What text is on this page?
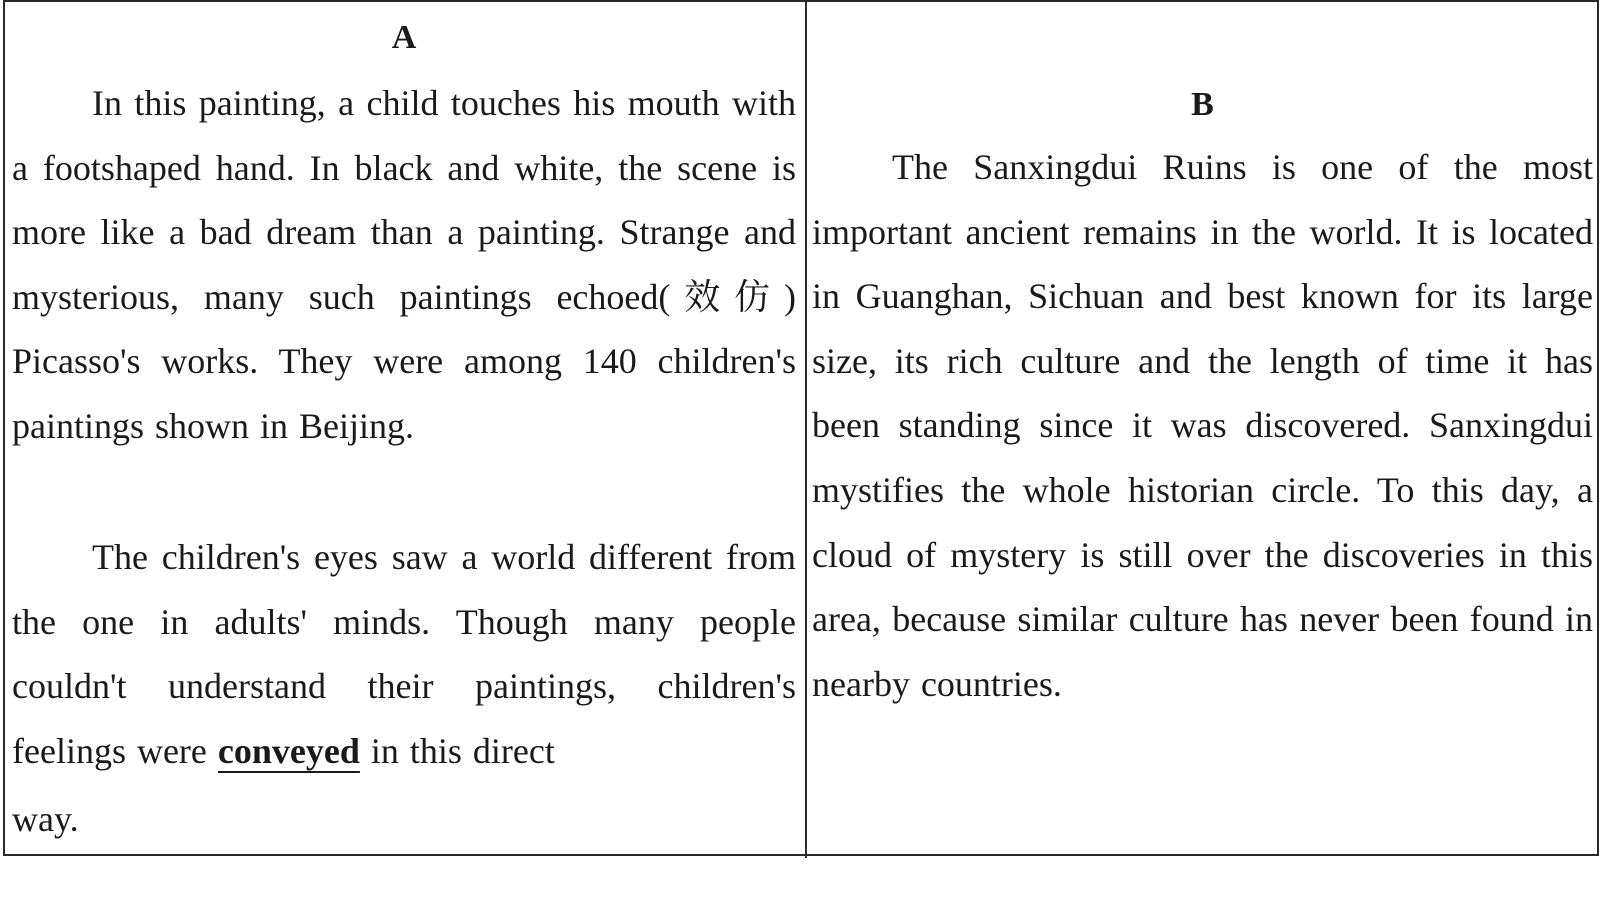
A

In this painting, a child touches his mouth with a footshaped hand. In black and white, the scene is more like a bad dream than a painting. Strange and mysterious, many such paintings echoed(效仿) Picasso's works. They were among 140 children's paintings shown in Beijing.

The children's eyes saw a world different from the one in adults' minds. Though many people couldn't understand their paintings, children's feelings were conveyed in this direct
way.

B

The Sanxingdui Ruins is one of the most important ancient remains in the world. It is located in Guanghan, Sichuan and best known for its large size, its rich culture and the length of time it has been standing since it was discovered. Sanxingdui mystifies the whole historian circle. To this day, a cloud of mystery is still over the discoveries in this area, because similar culture has never been found in nearby countries.
